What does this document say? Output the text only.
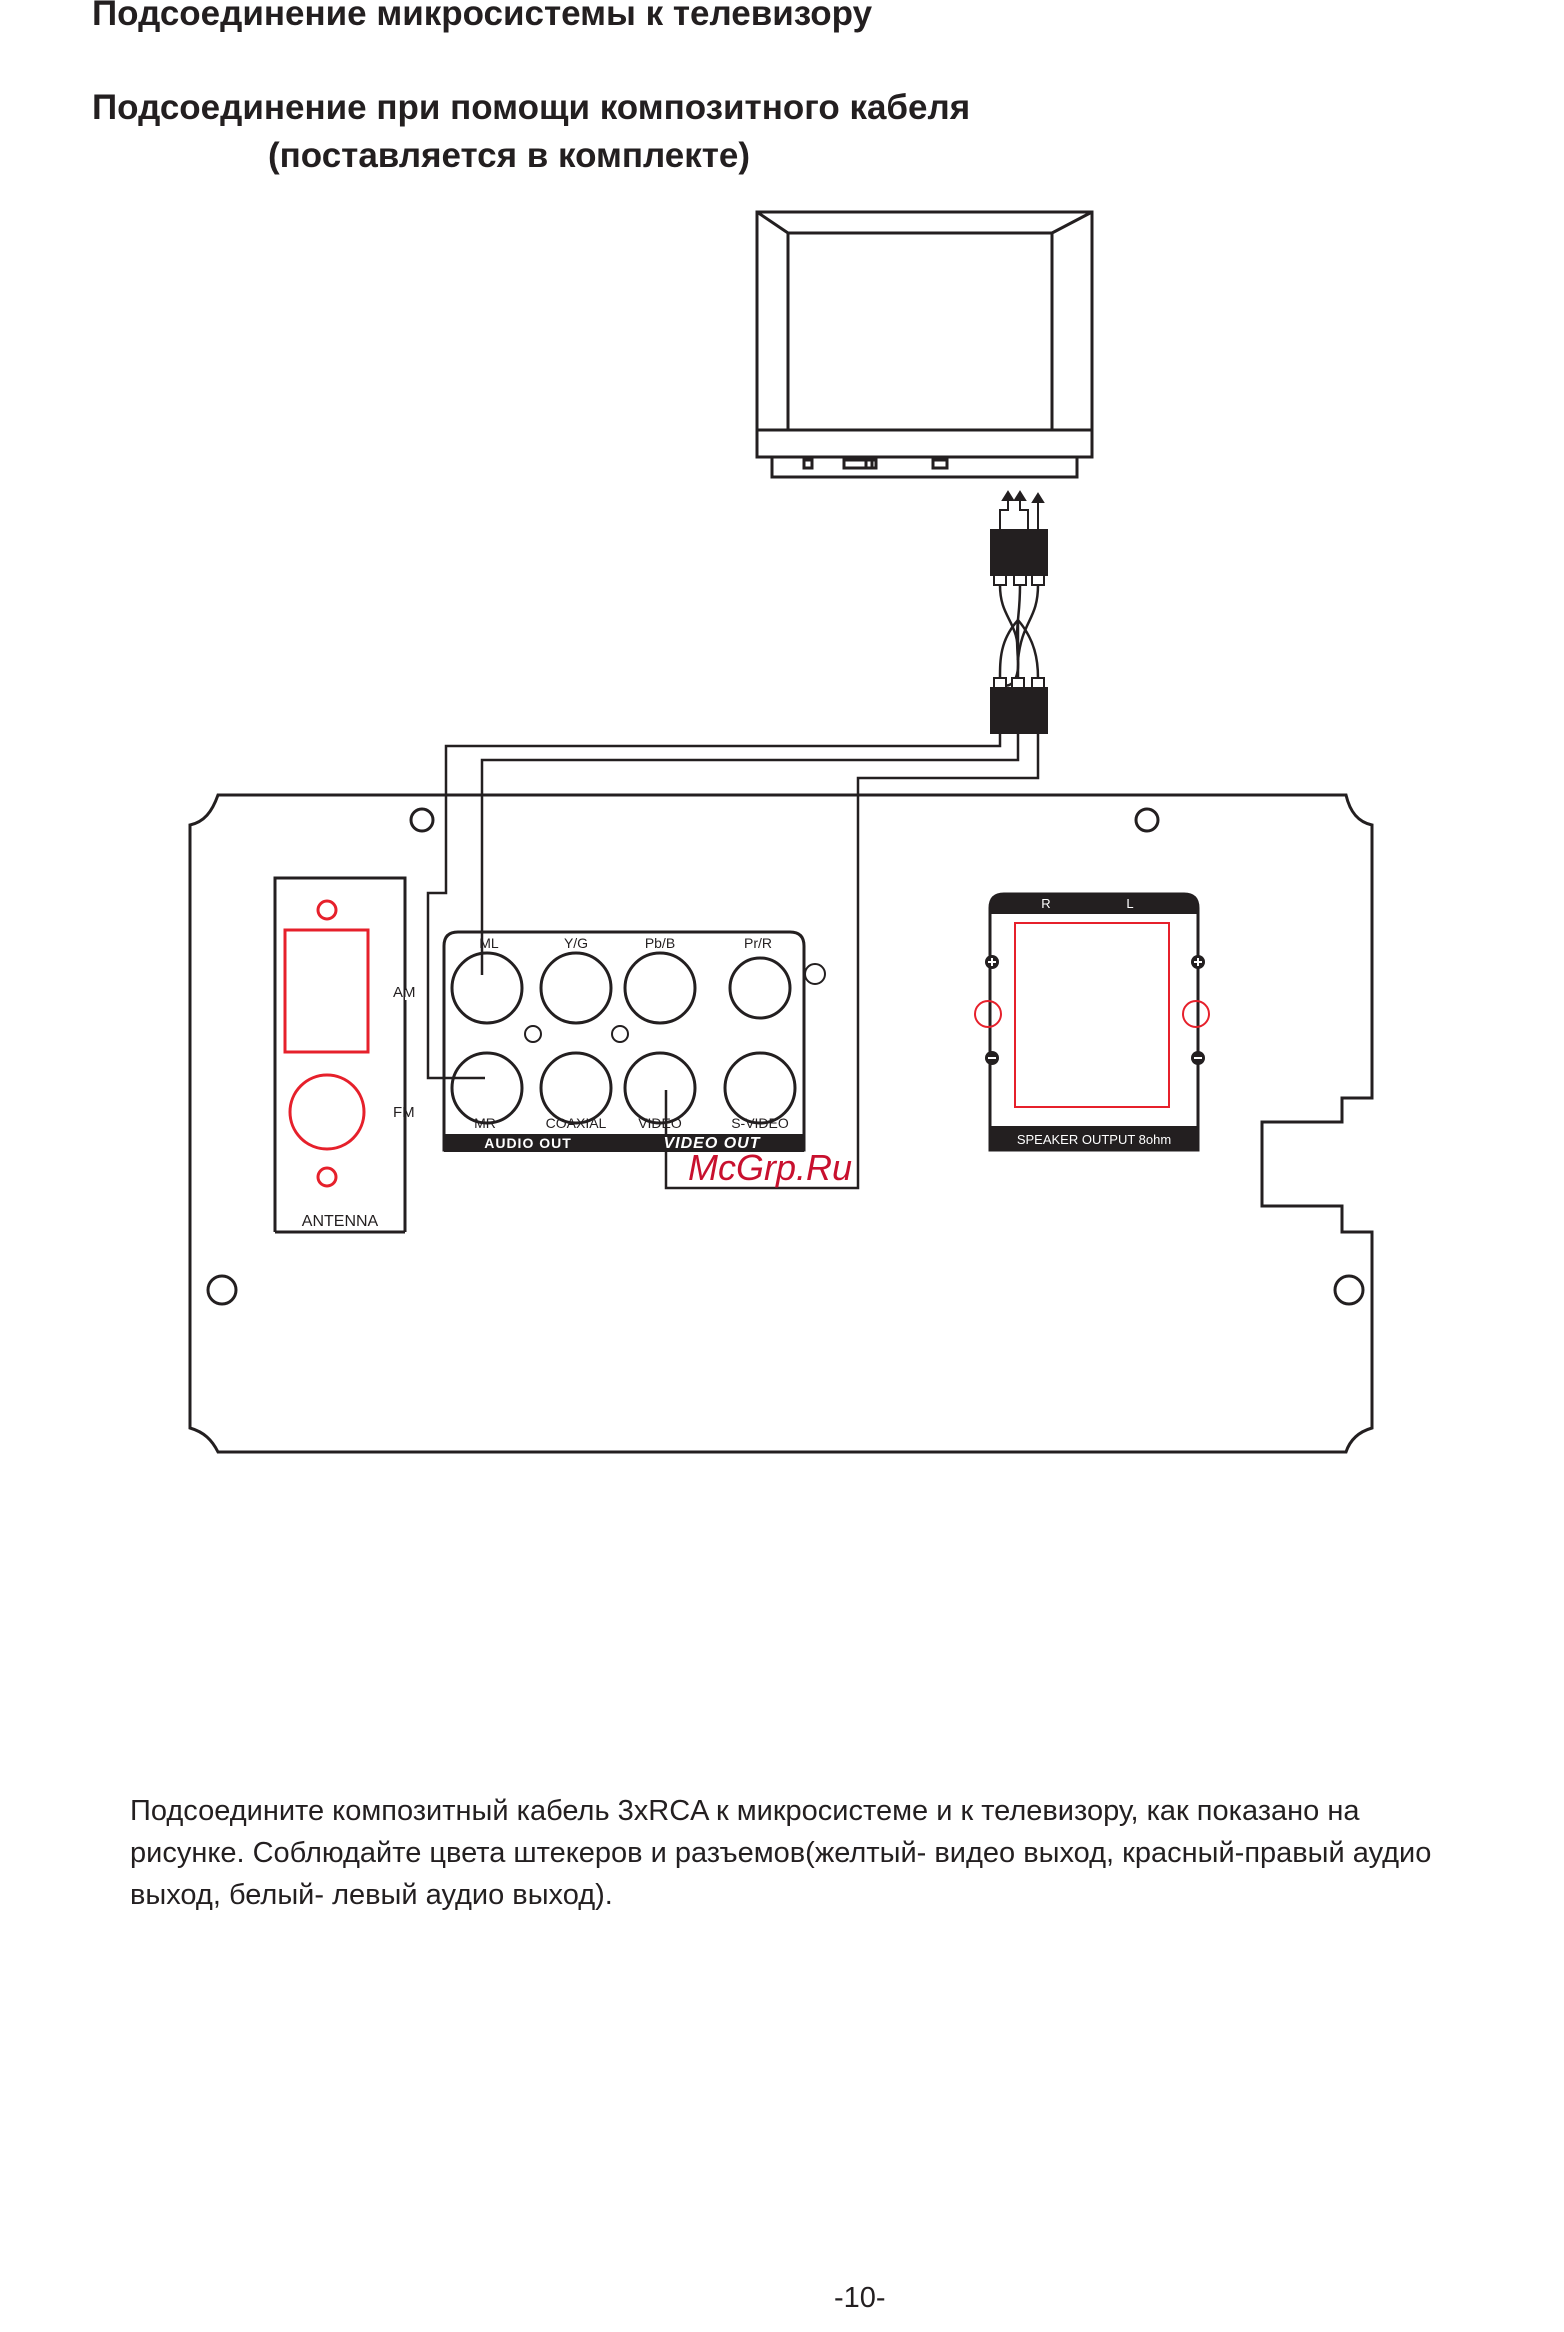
Подсоединение микросистемы к телевизору
Подсоединение при помощи композитного кабеля
(поставляется в комплекте)
AM
FM
ANTENNA
AUDIO OUT	VIDEO OUT
ML	Y/G	Pb/B	Pr/R
MR	COAXIAL VIDEO	S-VIDEO
R	L
SPEAKER OUTPUT 8ohm
McGrp.Ru

Подсоедините композитный кабель 3xRCA к микросистеме и к телевизору, как показано на
рисунке. Соблюдайте цвета штекеров и разъемов(желтый- видео выход, красный-правый аудио
выход, белый- левый аудио выход).

-10-
